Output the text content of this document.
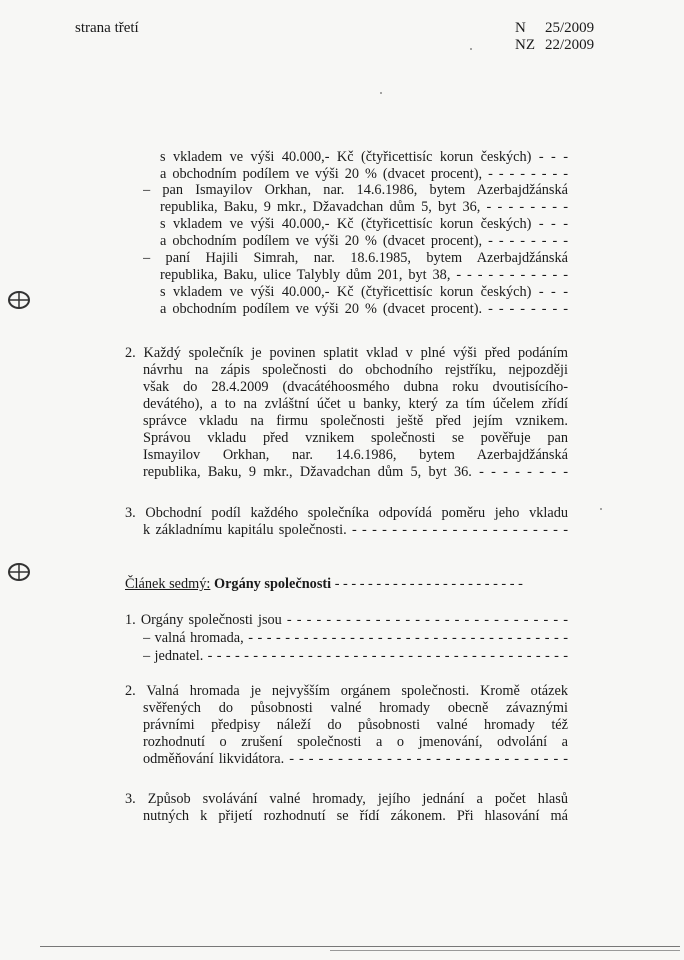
strana třetí	N 25/2009
NZ 22/2009
s vkladem ve výši 40.000,- Kč (čtyřicettisíc korun českých) - - -
a obchodním podílem ve výši 20 % (dvacet procent), - - - - - - - -
– pan Ismayilov Orkhan, nar. 14.6.1986, bytem Azerbajdžánská
republika, Baku, 9 mkr., Džavadchan dům 5, byt 36, - - - - - - - -
s vkladem ve výši 40.000,- Kč (čtyřicettisíc korun českých) - - -
a obchodním podílem ve výši 20 % (dvacet procent), - - - - - - - -
– paní Hajili Simrah, nar. 18.6.1985, bytem Azerbajdžánská
republika, Baku, ulice Talybly dům 201, byt 38, - - - - - - - - - - -
s vkladem ve výši 40.000,- Kč (čtyřicettisíc korun českých) - - -
a obchodním podílem ve výši 20 % (dvacet procent). - - - - - - - -
2. Každý společník je povinen splatit vklad v plné výši před podáním
návrhu na zápis společnosti do obchodního rejstříku, nejpozději
však do 28.4.2009 (dvacátéhoosmého dubna roku dvoutisícího-
devátého), a to na zvláštní účet u banky, který za tím účelem zřídí
správce vkladu na firmu společnosti ještě před jejím vznikem.
Správou vkladu před vznikem společnosti se pověřuje pan
Ismayilov Orkhan, nar. 14.6.1986, bytem Azerbajdžánská
republika, Baku, 9 mkr., Džavadchan dům 5, byt 36. - - - - - - - -
3. Obchodní podíl každého společníka odpovídá poměru jeho vkladu
k základnímu kapitálu společnosti. - - - - - - - - - - - - - - - - - - - - - -
Článek sedmý: Orgány společnosti - - - - - - - - - - - - - - - - - - - - - - -
1. Orgány společnosti jsou - - - - - - - - - - - - - - - - - - - - - - - - - - - - -
– valná hromada, - - - - - - - - - - - - - - - - - - - - - - - - - - - - - - - - - - -
– jednatel. - - - - - - - - - - - - - - - - - - - - - - - - - - - - - - - - - - - - - - - -
2. Valná hromada je nejvyšším orgánem společnosti. Kromě otázek
svěřených do působnosti valné hromady obecně závaznými
právními předpisy náleží do působnosti valné hromady též
rozhodnutí o zrušení společnosti a o jmenování, odvolání a
odměňování likvidátora. - - - - - - - - - - - - - - - - - - - - - - - - - - - - -
3. Způsob svolávání valné hromady, jejího jednání a počet hlasů
nutných k přijetí rozhodnutí se řídí zákonem. Při hlasování má
